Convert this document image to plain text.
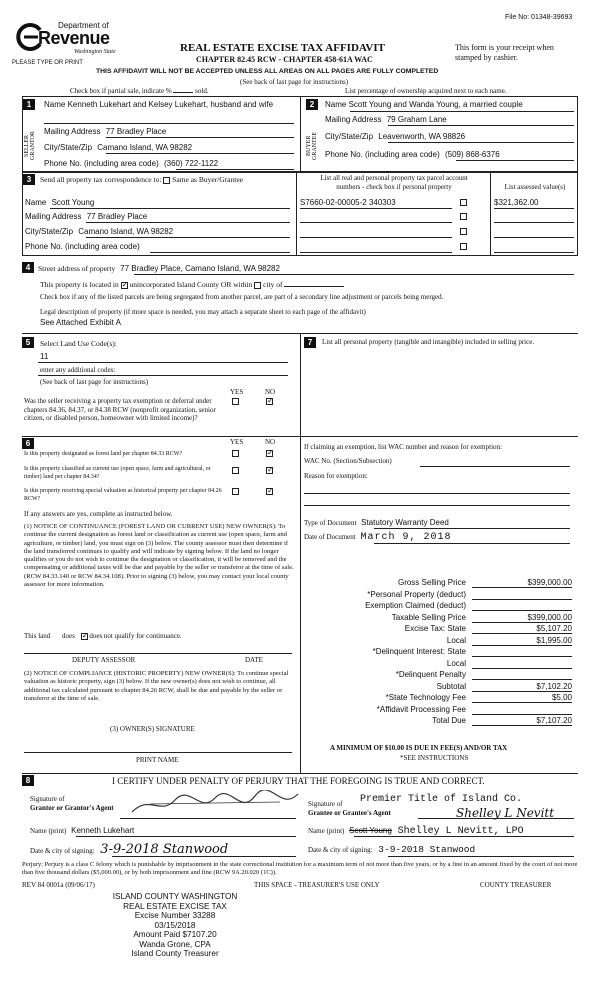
File No: 01348-39693
Department of
Revenue
Washington State
PLEASE TYPE OR PRINT
REAL ESTATE EXCISE TAX AFFIDAVIT
CHAPTER 82.45 RCW - CHAPTER 458-61A WAC
This form is your receipt when stamped by cashier.
THIS AFFIDAVIT WILL NOT BE ACCEPTED UNLESS ALL AREAS ON ALL PAGES ARE FULLY COMPLETED
(See back of last page for instructions)
Check box if partial sale, indicate %	sold.	List percentage of ownership acquired next to each name.
1
SELLER GRANTOR
Name Kenneth Lukehart and Kelsey Lukehart, husband and wife
Mailing Address 77 Bradley Place
City/State/Zip Camano Island, WA 98282
Phone No. (including area code) (360) 722-1122
2
BUYER GRANTEE
Name Scott Young and Wanda Young, a married couple
Mailing Address 79 Graham Lane
City/State/Zip Leavenworth, WA 98826
Phone No. (including area code) (509) 868-6376
3	Send all property tax correspondence to: Same as Buyer/Grantee
Name Scott Young
Mailing Address 77 Bradley Place
City/State/Zip Camano Island, WA 98282
Phone No. (including area code)
List all real and personal property tax parcel account
numbers - check box if personal property	List assessed value(s)
S7660-02-00005-2 340303	$321,362.00
4	Street address of property 77 Bradley Place, Camano Island, WA 98282
This property is located in ✓ unincorporated Island County OR within city of
Check box if any of the listed parcels are being segregated from another parcel, are part of a secondary line adjustment or parcels being merged.
Legal description of property (if more space is needed, you may attach a separate sheet to each page of the affidavit)
See Attached Exhibit A
5	Select Land Use Code(s):
11
enter any additional codes:
(See back of last page for instructions)
YES	NO
Was the seller receiving a property tax exemption or deferral under chapters 84.36, 84.37, or 84.38 RCW (nonprofit organization, senior citizen, or disabled person, homeowner with limited income)?
✓
6	YES	NO
Is this property designated as forest land per chapter 84.33 RCW?
✓
Is this property classified as current use (open space, farm and agricultural, or timber) land per chapter 84.34?
✓
Is this property receiving special valuation as historical property per chapter 84.26 RCW?
✓
If any answers are yes, complete as instructed below.
(1) NOTICE OF CONTINUANCE (FOREST LAND OR CURRENT USE) NEW OWNER(S): To continue the current designation as forest land or classification as current use (open space, farm and agriculture, or timber) land, you must sign on (3) below. The county assessor must then determine if the land transferred continues to qualify and will indicate by signing below. If the land no longer qualifies or you do not wish to continue the designation or classification, it will be removed and the compensating or additional taxes will be due and payable by the seller or transferor at the time of sale. (RCW 84.33.140 or RCW 84.34.108). Prior to signing (3) below, you may contact your local county assessor for more information.
This land does ✓ does not qualify for continuance.
DEPUTY ASSESSOR	DATE
(2) NOTICE OF COMPLIANCE (HISTORIC PROPERTY) NEW OWNER(S): To continue special valuation as historic property, sign (3) below. If the new owner(s) does not wish to continue, all additional tax calculated pursuant to chapter 84.26 RCW, shall be due and payable by the seller or transferor at the time of sale.
(3) OWNER(S) SIGNATURE
PRINT NAME
7	List all personal property (tangible and intangible) included in selling price.
If claiming an exemption, list WAC number and reason for exemption:
WAC No. (Section/Subsection)
Reason for exemption:
Type of Document Statutory Warranty Deed
Date of Document March 9, 2018
Gross Selling Price	$399,000.00
*Personal Property (deduct)
Exemption Claimed (deduct)
Taxable Selling Price	$399,000.00
Excise Tax: State	$5,107.20
Local	$1,995.00
*Delinquent Interest: State
Local
*Delinquent Penalty
Subtotal	$7,102.20
*State Technology Fee	$5.00
*Affidavit Processing Fee
Total Due	$7,107.20
A MINIMUM OF $10.00 IS DUE IN FEE(S) AND/OR TAX
*SEE INSTRUCTIONS
8	I CERTIFY UNDER PENALTY OF PERJURY THAT THE FOREGOING IS TRUE AND CORRECT.
Signature of
Grantor or Grantor's Agent	Signature of
Grantee or Grantee's Agent
Premier Title of Island Co.
Shelley L Nevitt
Name (print) Kenneth Lukehart	Name (print) Scott Young Shelley L Nevitt, LPO
Date & city of signing: 3-9-2018 Stanwood	Date & city of signing: 3-9-2018 Stanwood
Perjury: Perjury is a class C felony which is punishable by imprisonment in the state correctional institution for a maximum term of not more than five years, or by a fine in an amount fixed by the court of not more than five thousand dollars ($5,000.00), or by both imprisonment and fine (RCW 9A.20.020 (1C)).
REV 84 0001a (09/06/17)	THIS SPACE - TREASURER'S USE ONLY	COUNTY TREASURER
ISLAND COUNTY WASHINGTON
REAL ESTATE EXCISE TAX
Excise Number 33288
03/15/2018
Amount Paid $7107.20
Wanda Grone, CPA
Island County Treasurer
